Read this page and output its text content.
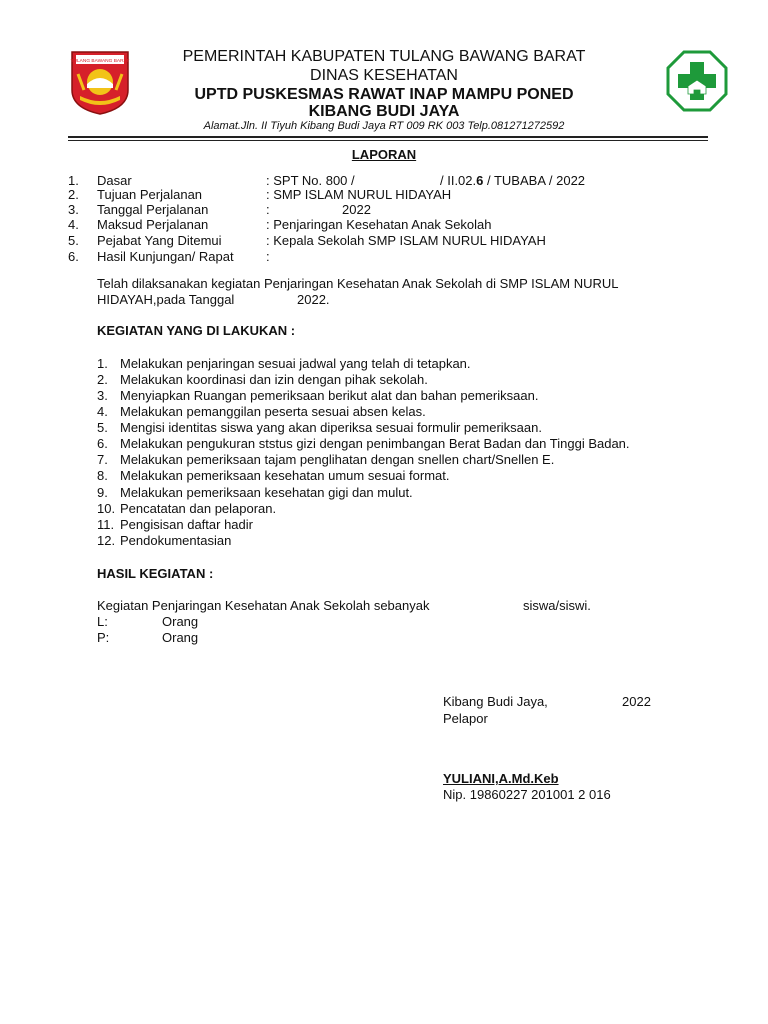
TULANG BAWANG BARAT	PEMERINTAH KABUPATEN TULANG BAWANG BARAT
DINAS KESEHATAN
UPTD PUSKESMAS RAWAT INAP MAMPU PONED
KIBANG BUDI JAYA
Alamat.Jln. II Tiyuh Kibang Budi Jaya RT 009 RK 003 Telp.081271272592
LAPORAN
1. Dasar	: SPT No. 800 /	/ II.02.6 / TUBABA / 2022
2. Tujuan Perjalanan	: SMP ISLAM NURUL HIDAYAH
3. Tanggal Perjalanan	:	2022
4. Maksud Perjalanan	: Penjaringan Kesehatan Anak Sekolah
5. Pejabat Yang Ditemui	: Kepala Sekolah SMP ISLAM NURUL HIDAYAH
6. Hasil Kunjungan/ Rapat :
Telah dilaksanakan kegiatan Penjaringan Kesehatan Anak Sekolah di SMP ISLAM NURUL
HIDAYAH,pada Tanggal	2022.
KEGIATAN YANG DI LAKUKAN :
1. Melakukan penjaringan sesuai jadwal yang telah di tetapkan.
2. Melakukan koordinasi dan izin dengan pihak sekolah.
3. Menyiapkan Ruangan pemeriksaan berikut alat dan bahan pemeriksaan.
4. Melakukan pemanggilan peserta sesuai absen kelas.
5. Mengisi identitas siswa yang akan diperiksa sesuai formulir pemeriksaan.
6. Melakukan pengukuran ststus gizi dengan penimbangan Berat Badan dan Tinggi Badan.
7. Melakukan pemeriksaan tajam penglihatan dengan snellen chart/Snellen E.
8. Melakukan pemeriksaan kesehatan umum sesuai format.
9. Melakukan pemeriksaan kesehatan gigi dan mulut.
10. Pencatatan dan pelaporan.
11. Pengisisan daftar hadir
12. Pendokumentasian
HASIL KEGIATAN :
Kegiatan Penjaringan Kesehatan Anak Sekolah sebanyak	siswa/siswi.
L:	Orang
P:	Orang
Kibang Budi Jaya,	2022
Pelapor
YULIANI,A.Md.Keb
Nip. 19860227 201001 2 016
